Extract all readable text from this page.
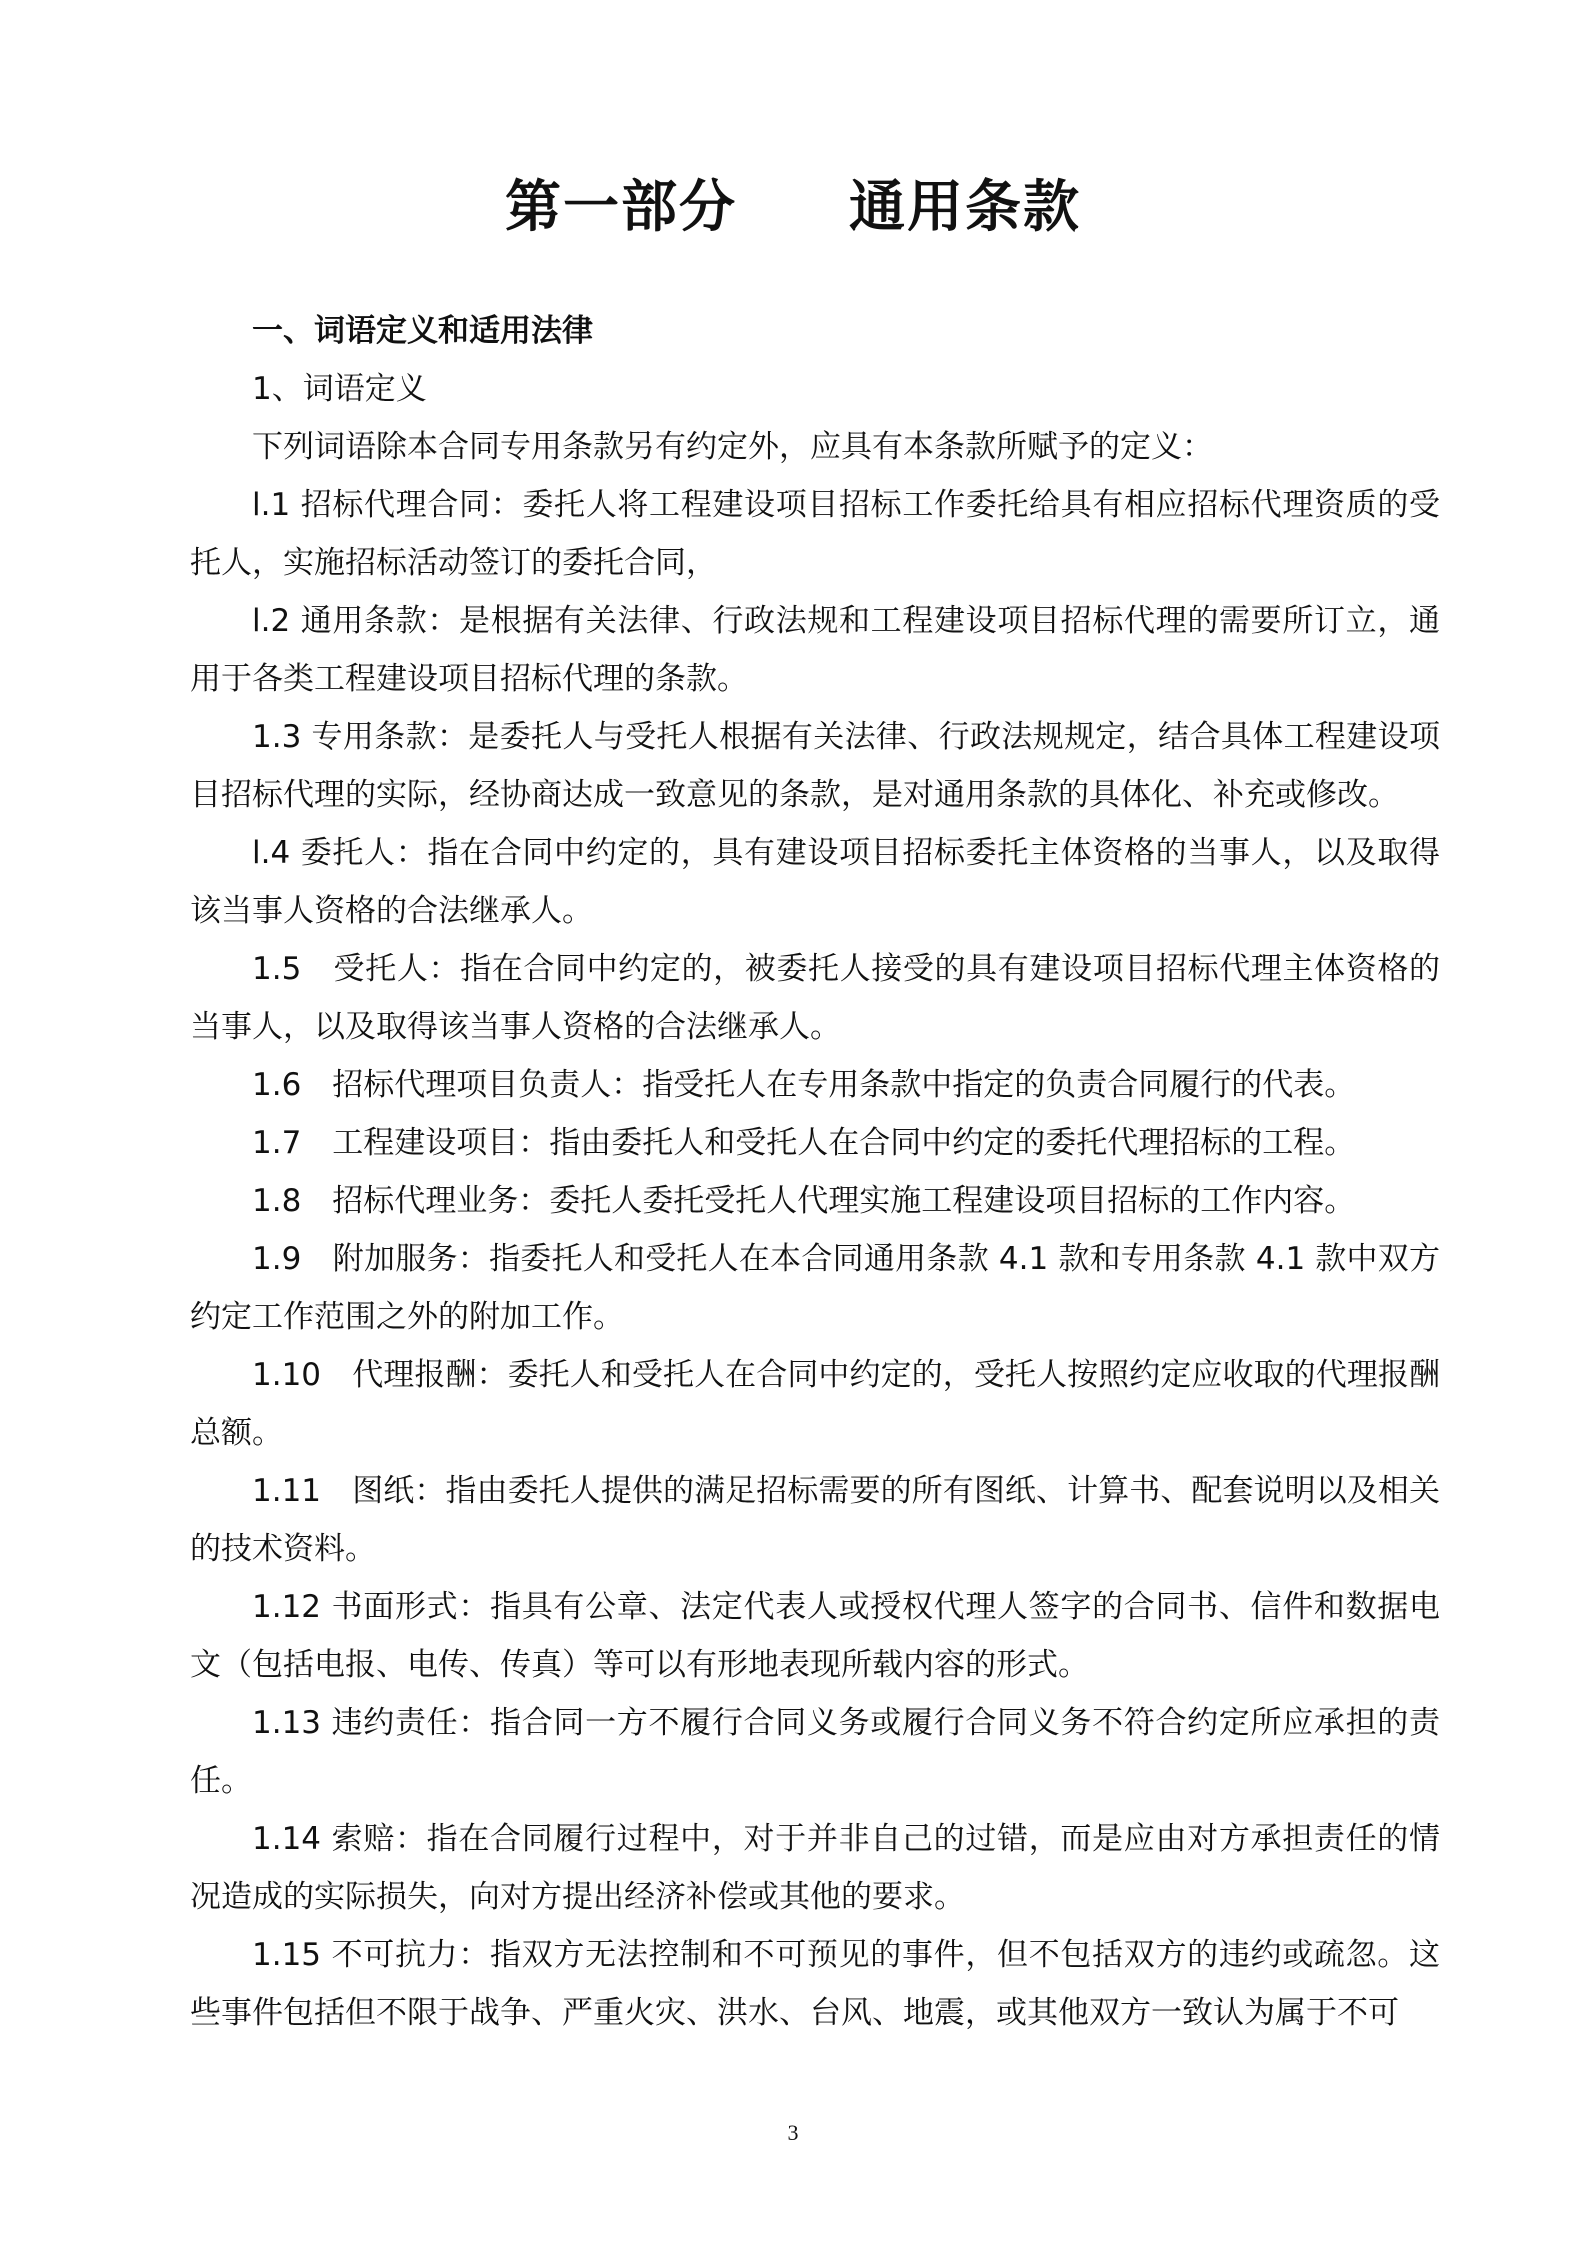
第一部分 通用条款

一、词语定义和适用法律

1、词语定义

下列词语除本合同专用条款另有约定外，应具有本条款所赋予的定义：

l.1 招标代理合同：委托人将工程建设项目招标工作委托给具有相应招标代理资质的受托人，实施招标活动签订的委托合同，

l.2 通用条款：是根据有关法律、行政法规和工程建设项目招标代理的需要所订立，通用于各类工程建设项目招标代理的条款。

1.3 专用条款：是委托人与受托人根据有关法律、行政法规规定，结合具体工程建设项目招标代理的实际，经协商达成一致意见的条款，是对通用条款的具体化、补充或修改。

l.4 委托人：指在合同中约定的，具有建设项目招标委托主体资格的当事人，以及取得该当事人资格的合法继承人。

1.5　受托人：指在合同中约定的，被委托人接受的具有建设项目招标代理主体资格的当事人，以及取得该当事人资格的合法继承人。

1.6　招标代理项目负责人：指受托人在专用条款中指定的负责合同履行的代表。

1.7　工程建设项目：指由委托人和受托人在合同中约定的委托代理招标的工程。

1.8　招标代理业务：委托人委托受托人代理实施工程建设项目招标的工作内容。

1.9　附加服务：指委托人和受托人在本合同通用条款 4.1 款和专用条款 4.1 款中双方约定工作范围之外的附加工作。

1.10　代理报酬：委托人和受托人在合同中约定的，受托人按照约定应收取的代理报酬总额。

1.11　图纸：指由委托人提供的满足招标需要的所有图纸、计算书、配套说明以及相关的技术资料。

1.12 书面形式：指具有公章、法定代表人或授权代理人签字的合同书、信件和数据电文（包括电报、电传、传真）等可以有形地表现所载内容的形式。

1.13 违约责任：指合同一方不履行合同义务或履行合同义务不符合约定所应承担的责任。

1.14 索赔：指在合同履行过程中，对于并非自己的过错，而是应由对方承担责任的情况造成的实际损失，向对方提出经济补偿或其他的要求。

1.15 不可抗力：指双方无法控制和不可预见的事件，但不包括双方的违约或疏忽。这些事件包括但不限于战争、严重火灾、洪水、台风、地震，或其他双方一致认为属于不可

3
